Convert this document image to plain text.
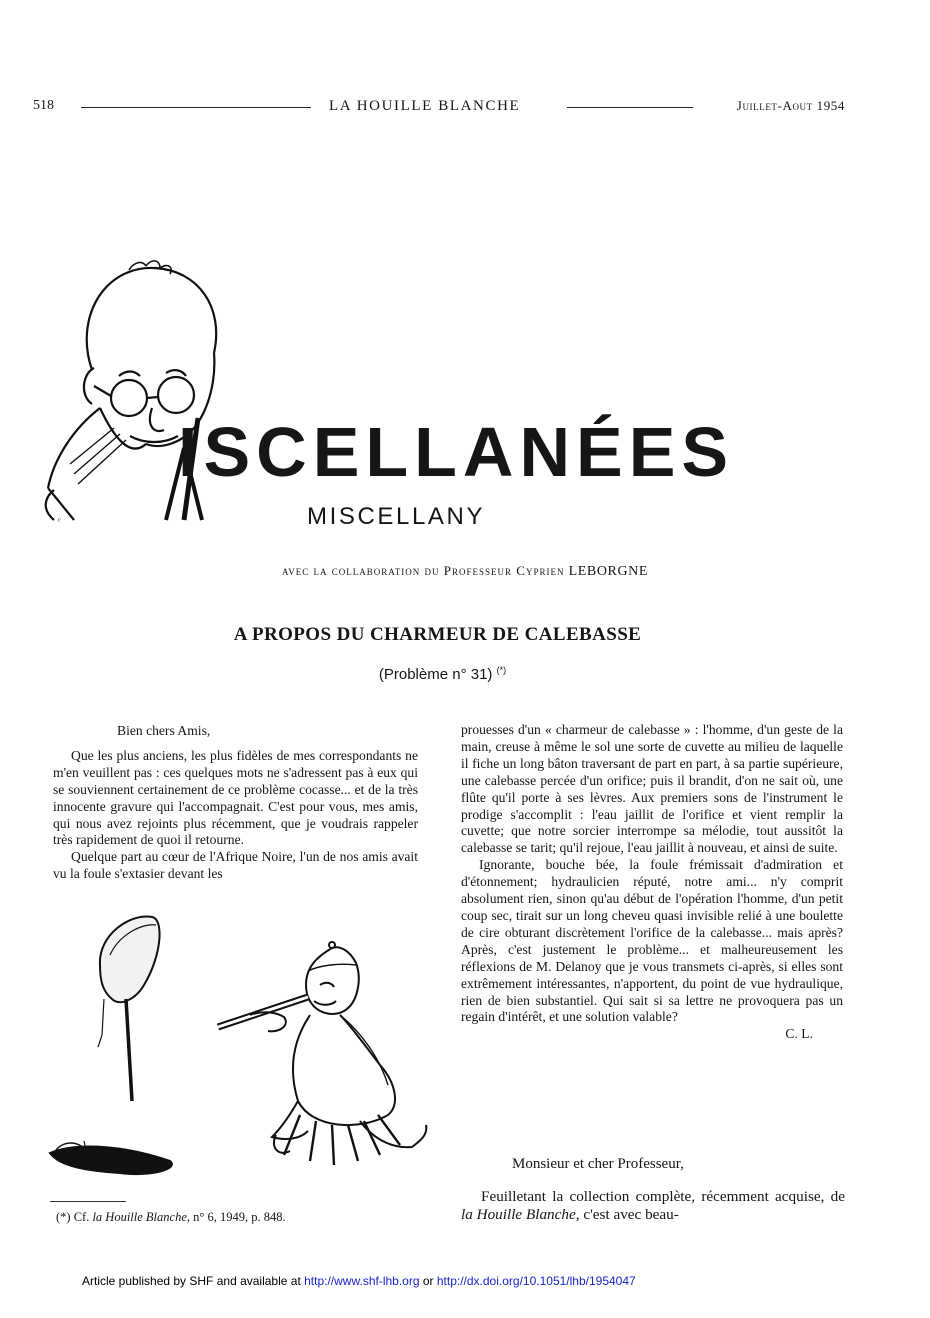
518	LA HOUILLE BLANCHE	Juillet-Aout 1954
ᶜ
ISCELLANÉES
MISCELLANY
avec la collaboration du Professeur Cyprien LEBORGNE
A PROPOS DU CHARMEUR DE CALEBASSE
(Problème n° 31) (*)

Bien chers Amis,

Que les plus anciens, les plus fidèles de mes correspondants ne m'en veuillent pas : ces quelques mots ne s'adressent pas à eux qui se souviennent certainement de ce problème cocasse... et de la très innocente gravure qui l'accompagnait. C'est pour vous, mes amis, qui nous avez rejoints plus récemment, que je voudrais rappeler très rapidement de quoi il retourne.

Quelque part au cœur de l'Afrique Noire, l'un de nos amis avait vu la foule s'extasier devant les

prouesses d'un « charmeur de calebasse » : l'homme, d'un geste de la main, creuse à même le sol une sorte de cuvette au milieu de laquelle il fiche un long bâton traversant de part en part, à sa partie supérieure, une calebasse percée d'un orifice; puis il brandit, d'on ne sait où, une flûte qu'il porte à ses lèvres. Aux premiers sons de l'instrument le prodige s'accomplit : l'eau jaillit de l'orifice et vient remplir la cuvette; que notre sorcier interrompe sa mélodie, tout aussitôt la calebasse se tarit; qu'il rejoue, l'eau jaillit à nouveau, et ainsi de suite.

Ignorante, bouche bée, la foule frémissait d'admiration et d'étonnement; hydraulicien réputé, notre ami... n'y comprit absolument rien, sinon qu'au début de l'opération l'homme, d'un petit coup sec, tirait sur un long cheveu quasi invisible relié à une boulette de cire obturant discrètement l'orifice de la calebasse... mais après? Après, c'est justement le problème... et malheureusement les réflexions de M. Delanoy que je vous transmets ci-après, si elles sont extrêmement intéressantes, n'apportent, du point de vue hydraulique, rien de bien substantiel. Qui sait si sa lettre ne provoquera pas un regain d'intérêt, et une solution valable?

C. L.

Monsieur et cher Professeur,

Feuilletant la collection complète, récemment acquise, de la Houille Blanche, c'est avec beau-

(*) Cf. la Houille Blanche, n° 6, 1949, p. 848.
Article published by SHF and available at http://www.shf-lhb.org or http://dx.doi.org/10.1051/lhb/1954047
